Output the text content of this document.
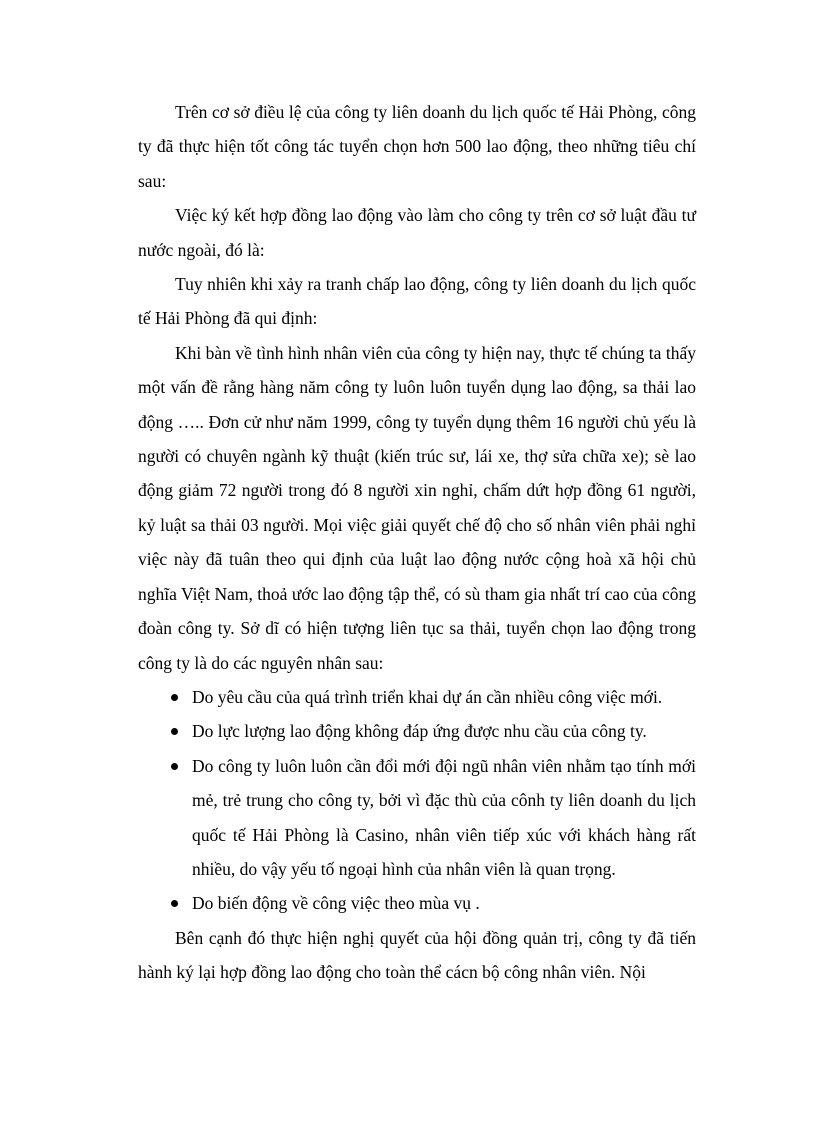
Trên cơ sở điều lệ của công ty liên doanh du lịch quốc tế Hải Phòng, công ty đã thực hiện tốt công tác tuyển chọn hơn 500 lao động, theo những tiêu chí sau:

Việc ký kết hợp đồng lao động vào làm cho công ty trên cơ sở luật đầu tư nước ngoài, đó là:

Tuy nhiên khi xảy ra tranh chấp lao động, công ty liên doanh du lịch quốc tế Hải Phòng đã qui định:

Khi bàn về tình hình nhân viên của công ty hiện nay, thực tế chúng ta thấy một vấn đề rằng hàng năm công ty luôn luôn tuyển dụng lao động, sa thải lao động ….. Đơn cử như năm 1999, công ty tuyển dụng thêm 16 người chủ yếu là người có chuyên ngành kỹ thuật (kiến trúc sư, lái xe, thợ sửa chữa xe); sè lao động giảm 72 người trong đó 8 người xin nghỉ, chấm dứt hợp đồng 61 người, kỷ luật sa thải 03 người. Mọi việc giải quyết chế độ cho số nhân viên phải nghỉ việc này đã tuân theo qui định của luật lao động nước cộng hoà xã hội chủ nghĩa Việt Nam, thoả ước lao động tập thể, có sù tham gia nhất trí cao của công đoàn công ty. Sở dĩ có hiện tượng liên tục sa thải, tuyển chọn lao động trong công ty là do các nguyên nhân sau:

Do yêu cầu của quá trình triển khai dự án cần nhiều công việc mới.
Do lực lượng lao động không đáp ứng được nhu cầu của công ty.
Do công ty luôn luôn cần đổi mới đội ngũ nhân viên nhằm tạo tính mới mẻ, trẻ trung cho công ty, bởi vì đặc thù của cônh ty liên doanh du lịch quốc tế Hải Phòng là Casino, nhân viên tiếp xúc với khách hàng rất nhiều, do vậy yếu tố ngoại hình của nhân viên là quan trọng.
Do biến động về công việc theo mùa vụ .

Bên cạnh đó thực hiện nghị quyết của hội đồng quản trị, công ty đã tiến hành ký lại hợp đồng lao động cho toàn thể cácn bộ công nhân viên. Nội
